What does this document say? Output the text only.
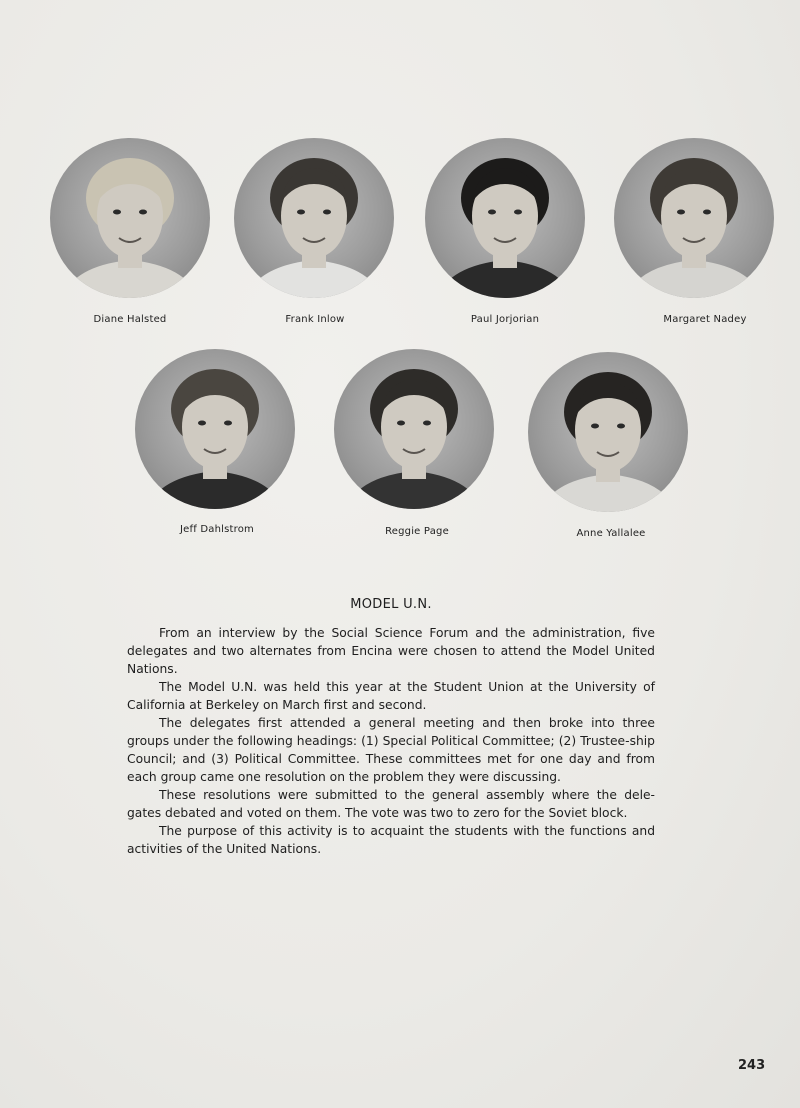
Diane Halsted	Frank Inlow	Paul Jorjorian	Margaret Nadey
Jeff Dahlstrom	Reggie Page	Anne Yallalee
MODEL U.N.

From an interview by the Social Science Forum and the administration, five delegates and two alternates from Encina were chosen to attend the Model United Nations.

The Model U.N. was held this year at the Student Union at the University of California at Berkeley on March first and second.

The delegates first attended a general meeting and then broke into three groups under the following headings: (1) Special Political Committee; (2) Trustee-ship Council; and (3) Political Committee. These committees met for one day and from each group came one resolution on the problem they were discussing.

These resolutions were submitted to the general assembly where the dele-gates debated and voted on them. The vote was two to zero for the Soviet block.

The purpose of this activity is to acquaint the students with the functions and activities of the United Nations.

243
